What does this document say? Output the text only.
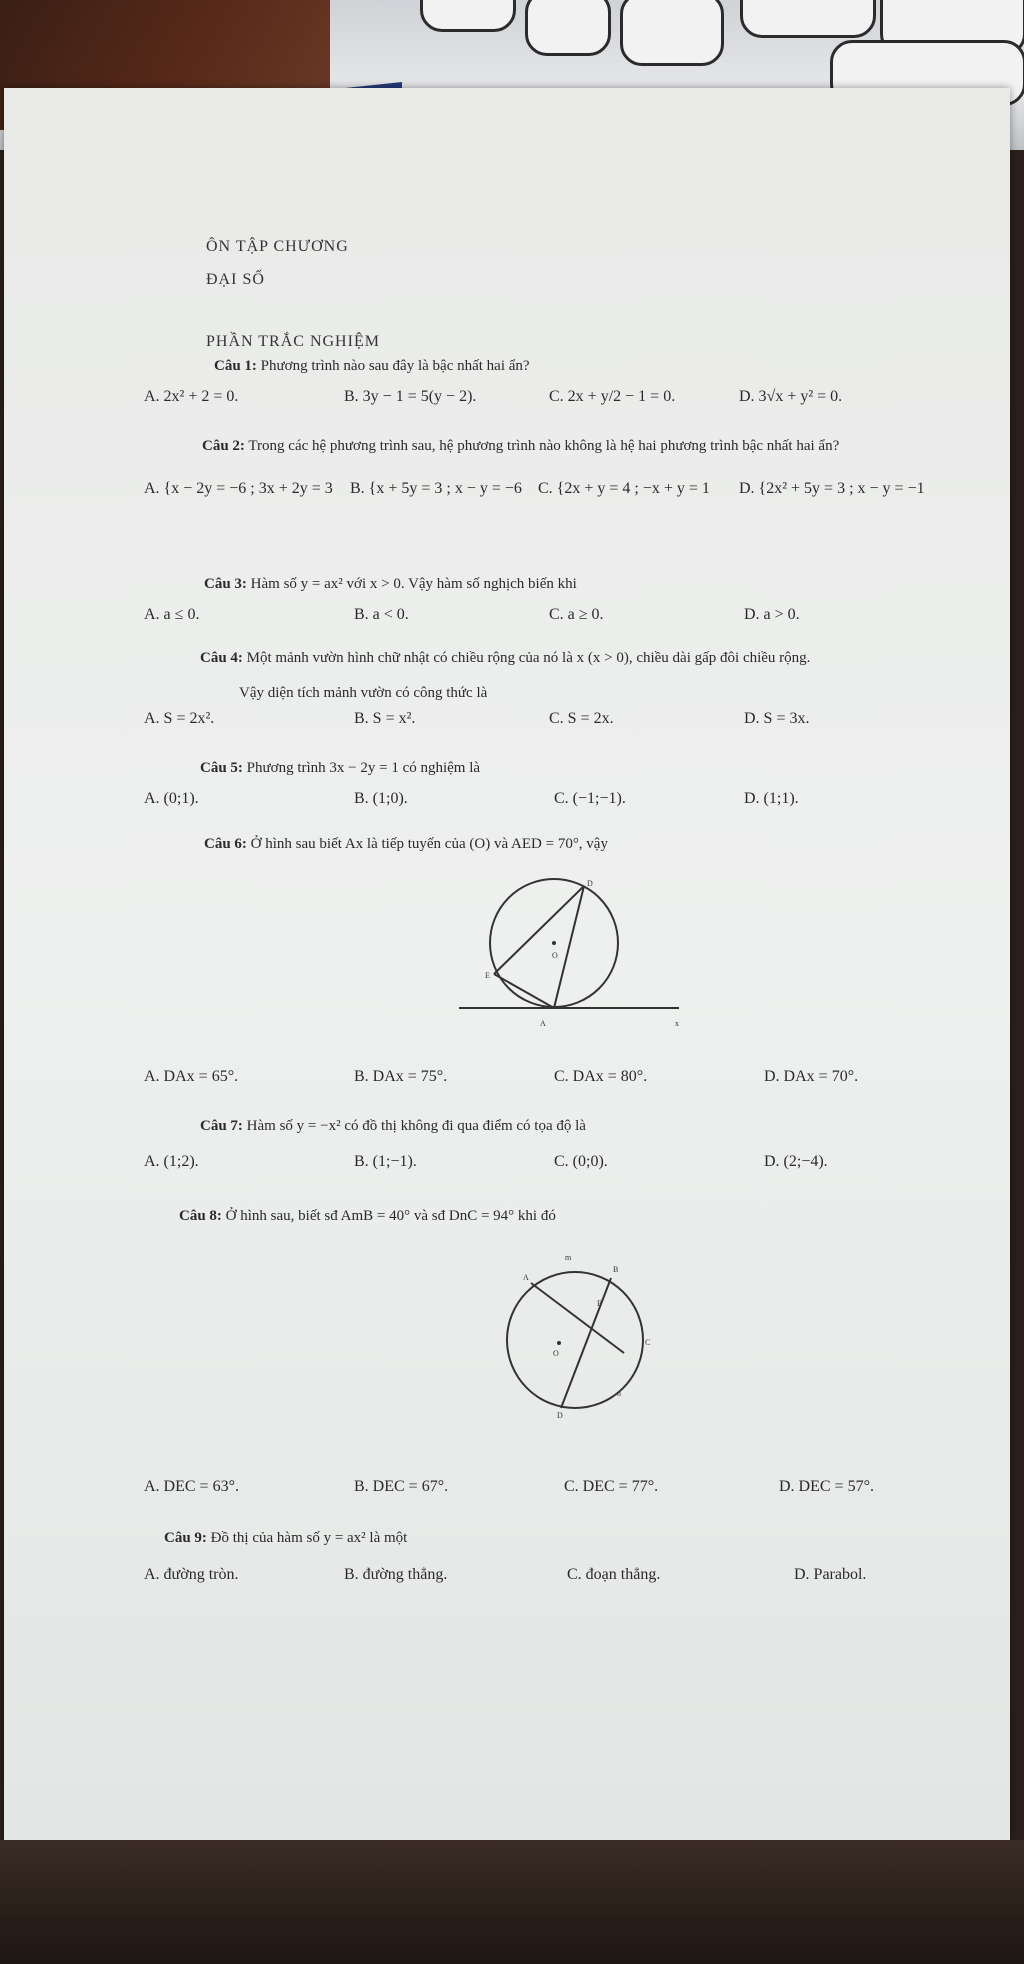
ÔN TẬP CHƯƠNG
ĐẠI SỐ
PHẦN TRẮC NGHIỆM
Câu 1: Phương trình nào sau đây là bậc nhất hai ẩn?
A. 2x² + 2 = 0.	B. 3y − 1 = 5(y − 2).	C. 2x + y/2 − 1 = 0.	D. 3√x + y² = 0.
Câu 2: Trong các hệ phương trình sau, hệ phương trình nào không là hệ hai phương trình bậc nhất hai ẩn?
A. {x − 2y = −6 ; 3x + 2y = 3 B. {x + 5y = 3 ; x − y = −6 C. {2x + y = 4 ; −x + y = 1 D. {2x² + 5y = 3 ; x − y = −1
Câu 3: Hàm số y = ax² với x > 0. Vậy hàm số nghịch biến khi
A. a ≤ 0.	B. a < 0.	C. a ≥ 0.	D. a > 0.
Câu 4: Một mảnh vườn hình chữ nhật có chiều rộng của nó là x (x > 0), chiều dài gấp đôi chiều rộng.
Vậy diện tích mảnh vườn có công thức là
A. S = 2x².	B. S = x².	C. S = 2x.	D. S = 3x.
Câu 5: Phương trình 3x − 2y = 1 có nghiệm là
A. (0;1).	B. (1;0).	C. (−1;−1).	D. (1;1).
Câu 6: Ở hình sau biết Ax là tiếp tuyến của (O) và AED = 70°, vậy
D
O
E
A	x
A. DAx = 65°.	B. DAx = 75°.	C. DAx = 80°.	D. DAx = 70°.
Câu 7: Hàm số y = −x² có đồ thị không đi qua điểm có tọa độ là
A. (1;2).	B. (1;−1).	C. (0;0).	D. (2;−4).
Câu 8: Ở hình sau, biết sđ AmB = 40° và sđ DnC = 94° khi đó
m
A
B
E
O
C
n
D
A. DEC = 63°.	B. DEC = 67°.	C. DEC = 77°.	D. DEC = 57°.
Câu 9: Đồ thị của hàm số y = ax² là một
A. đường tròn.	B. đường thẳng.	C. đoạn thẳng.	D. Parabol.
